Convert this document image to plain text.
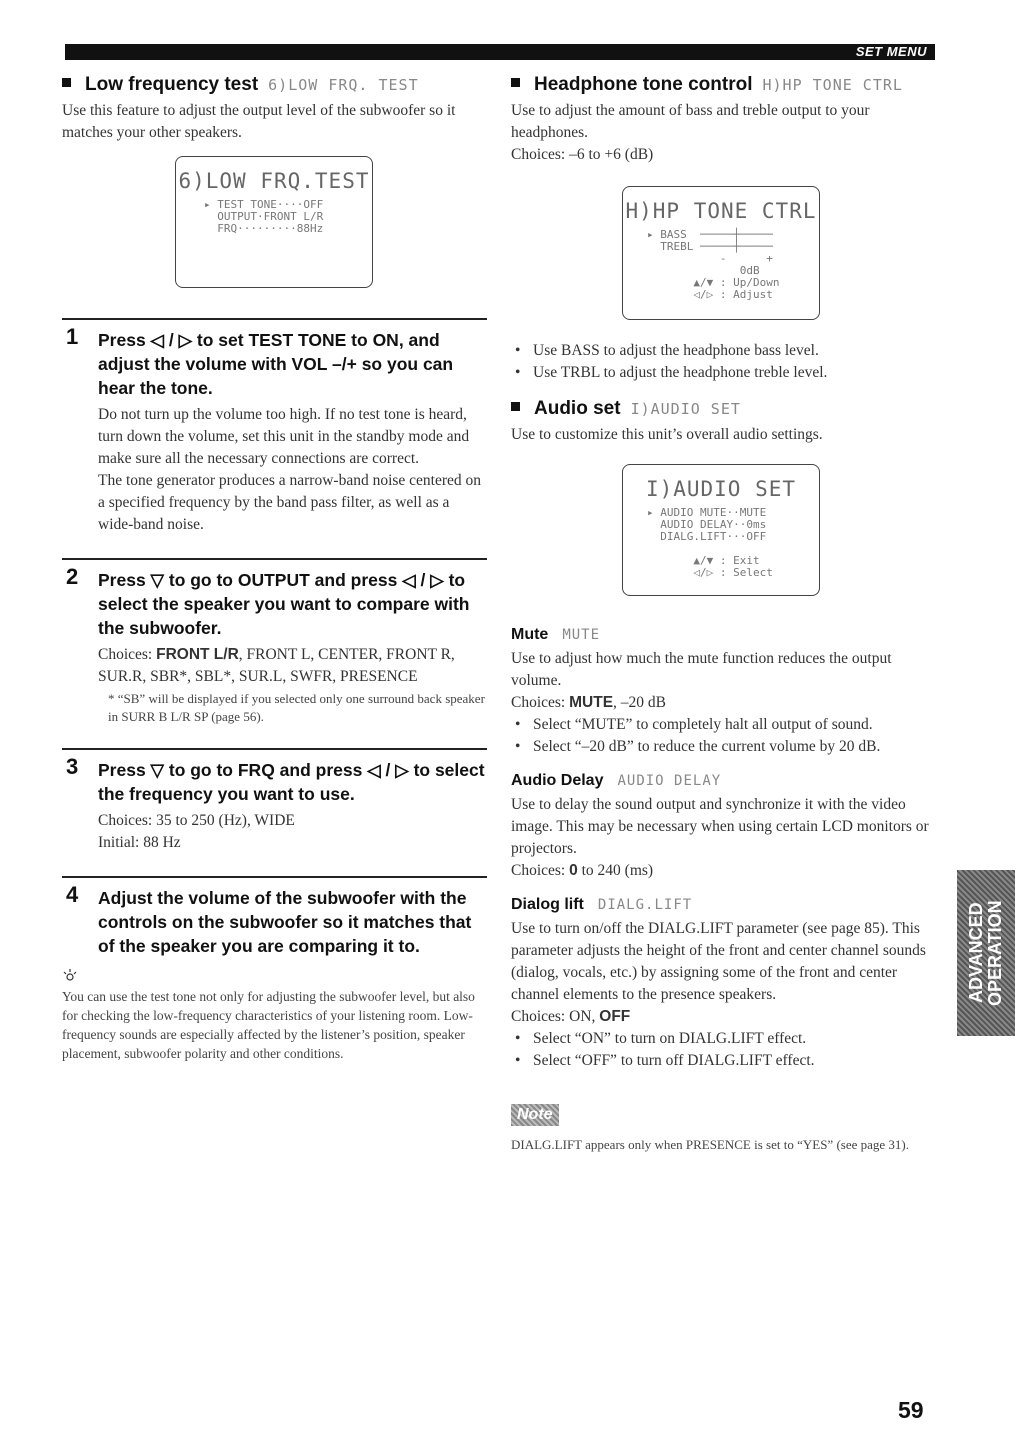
SET MENU
Low frequency test 6)LOW FRQ. TEST

Use this feature to adjust the output level of the subwoofer so it matches your other speakers.

6)LOW FRQ.TEST
▸ TEST TONE····OFF
OUTPUT·FRONT L/R
FRQ·········88Hz
1 Press ◁ / ▷ to set TEST TONE to ON, and adjust the volume with VOL –/+ so you can hear the tone.

Do not turn up the volume too high. If no test tone is heard, turn down the volume, set this unit in the standby mode and make sure all the necessary connections are correct.

The tone generator produces a narrow-band noise centered on a specified frequency by the band pass filter, as well as a wide-band noise.

2 Press ▽ to go to OUTPUT and press ◁ / ▷ to select the speaker you want to compare with the subwoofer.

Choices: FRONT L/R, FRONT L, CENTER, FRONT R, SUR.R, SBR*, SBL*, SUR.L, SWFR, PRESENCE

* “SB” will be displayed if you selected only one surround back speaker in SURR B L/R SP (page 56).

3 Press ▽ to go to FRQ and press ◁ / ▷ to select the frequency you want to use.

Choices: 35 to 250 (Hz), WIDE

Initial: 88 Hz

4 Adjust the volume of the subwoofer with the controls on the subwoofer so it matches that of the speaker you are comparing it to.

You can use the test tone not only for adjusting the subwoofer level, but also for checking the low-frequency characteristics of your listening room. Low-frequency sounds are especially affected by the listener’s position, speaker placement, subwoofer polarity and other conditions.

Headphone tone control H)HP TONE CTRL

Use to adjust the amount of bass and treble output to your headphones.

Choices: –6 to +6 (dB)

H)HP TONE CTRL
▸ BASS  ─────┼─────
TREBL ─────┼─────
-      +
0dB
▲/▼ : Up/Down
◁/▷ : Adjust

• Use BASS to adjust the headphone bass level.

• Use TRBL to adjust the headphone treble level.

Audio set I)AUDIO SET

Use to customize this unit’s overall audio settings.

I)AUDIO SET
▸ AUDIO MUTE··MUTE
AUDIO DELAY··0ms
DIALG.LIFT···OFF

▲/▼ : Exit
◁/▷ : Select
Mute MUTE

Use to adjust how much the mute function reduces the output volume.

Choices: MUTE, –20 dB

• Select “MUTE” to completely halt all output of sound.

• Select “–20 dB” to reduce the current volume by 20 dB.

Audio Delay AUDIO DELAY

Use to delay the sound output and synchronize it with the video image. This may be necessary when using certain LCD monitors or projectors.

Choices: 0 to 240 (ms)

Dialog lift DIALG.LIFT

Use to turn on/off the DIALG.LIFT parameter (see page 85). This parameter adjusts the height of the front and center channel sounds (dialog, vocals, etc.) by assigning some of the front and center channel elements to the presence speakers.

Choices: ON, OFF

• Select “ON” to turn on DIALG.LIFT effect.

• Select “OFF” to turn off DIALG.LIFT effect.

Note

DIALG.LIFT appears only when PRESENCE is set to “YES” (see page 31).

ADVANCED OPERATION
59
